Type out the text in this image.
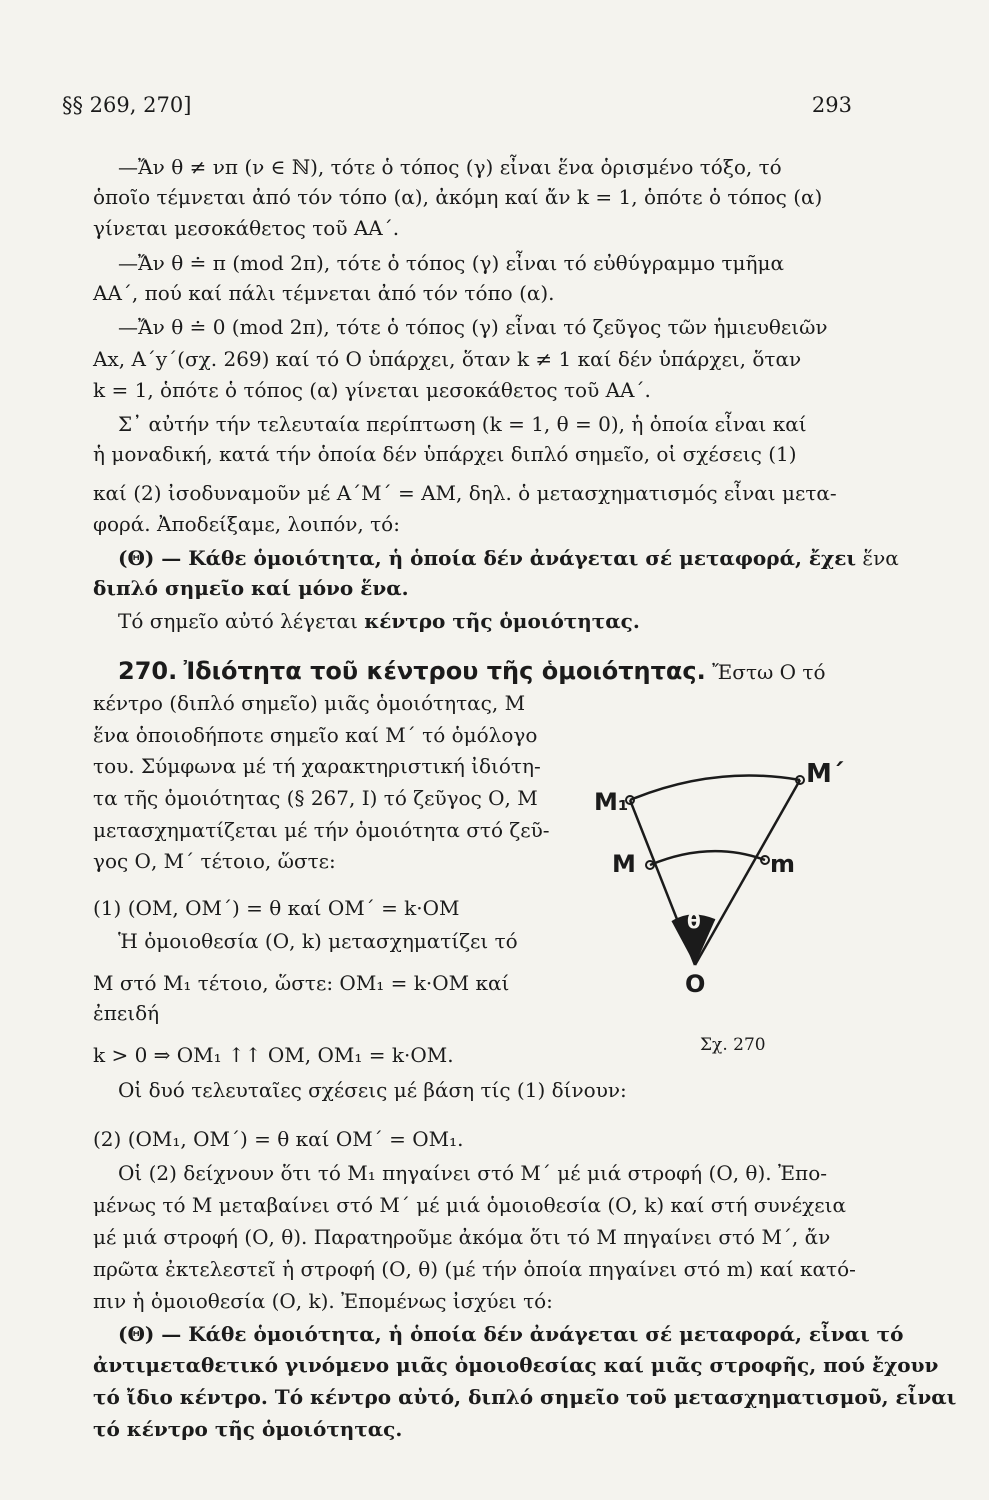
§§ 269, 270]	293
—Ἄν θ ≠ νπ (ν ∈ ℕ), τότε ὁ τόπος (γ) εἶναι ἕνα ὁρισμένο τόξο, τό
ὁποῖο τέμνεται ἀπό τόν τόπο (α), ἀκόμη καί ἄν k = 1, ὁπότε ὁ τόπος (α)
γίνεται μεσοκάθετος τοῦ ΑΑ΄.
—Ἄν θ ≐ π (mod 2π), τότε ὁ τόπος (γ) εἶναι τό εὐθύγραμμο τμῆμα
ΑΑ΄, πού καί πάλι τέμνεται ἀπό τόν τόπο (α).
—Ἄν θ ≐ 0 (mod 2π), τότε ὁ τόπος (γ) εἶναι τό ζεῦγος τῶν ἡμιευθειῶν
Αx, Α΄y΄(σχ. 269) καί τό Ο ὑπάρχει, ὅταν k ≠ 1 καί δέν ὑπάρχει, ὅταν
k = 1, ὁπότε ὁ τόπος (α) γίνεται μεσοκάθετος τοῦ ΑΑ΄.
Σ᾿ αὐτήν τήν τελευταία περίπτωση (k = 1, θ = 0), ἡ ὁποία εἶναι καί
ἡ μοναδική, κατά τήν ὁποία δέν ὑπάρχει διπλό σημεῖο, οἱ σχέσεις (1)
καί (2) ἰσοδυναμοῦν μέ Α΄Μ΄ = ΑΜ, δηλ. ὁ μετασχηματισμός εἶναι μετα-
φορά. Ἀποδείξαμε, λοιπόν, τό:
(Θ) — Κάθε ὁμοιότητα, ἡ ὁποία δέν ἀνάγεται σέ μεταφορά, ἔχει ἕνα
διπλό σημεῖο καί μόνο ἕνα.
Τό σημεῖο αὐτό λέγεται κέντρο τῆς ὁμοιότητας.
270. Ἰδιότητα τοῦ κέντρου τῆς ὁμοιότητας. Ἔστω Ο τό
κέντρο (διπλό σημεῖο) μιᾶς ὁμοιότητας, Μ
ἕνα ὁποιοδήποτε σημεῖο καί Μ΄ τό ὁμόλογο
του. Σύμφωνα μέ τή χαρακτηριστική ἰδιότη-
τα τῆς ὁμοιότητας (§ 267, Ι) τό ζεῦγος Ο, Μ
μετασχηματίζεται μέ τήν ὁμοιότητα στό ζεῦ-
γος Ο, Μ΄ τέτοιο, ὥστε:
(1) (ΟΜ, ΟΜ΄) = θ καί ΟΜ΄ = k·ΟΜ
Ἡ ὁμοιοθεσία (Ο, k) μετασχηματίζει τό
Μ στό Μ₁ τέτοιο, ὥστε: ΟΜ₁ = k·ΟΜ καί
ἐπειδή
k > 0 ⇒ ΟΜ₁ ↑↑ ΟΜ, ΟΜ₁ = k·ΟΜ.
Οἱ δυό τελευταῖες σχέσεις μέ βάση τίς (1) δίνουν:
(2) (ΟΜ₁, ΟΜ΄) = θ καί ΟΜ΄ = ΟΜ₁.
Οἱ (2) δείχνουν ὅτι τό Μ₁ πηγαίνει στό Μ΄ μέ μιά στροφή (Ο, θ). Ἐπο-
μένως τό Μ μεταβαίνει στό Μ΄ μέ μιά ὁμοιοθεσία (Ο, k) καί στή συνέχεια
μέ μιά στροφή (Ο, θ). Παρατηροῦμε ἀκόμα ὅτι τό Μ πηγαίνει στό Μ΄, ἄν
πρῶτα ἐκτελεστεῖ ἡ στροφή (Ο, θ) (μέ τήν ὁποία πηγαίνει στό m) καί κατό-
πιν ἡ ὁμοιοθεσία (Ο, k). Ἐπομένως ἰσχύει τό:
(Θ) — Κάθε ὁμοιότητα, ἡ ὁποία δέν ἀνάγεται σέ μεταφορά, εἶναι τό
ἀντιμεταθετικό γινόμενο μιᾶς ὁμοιοθεσίας καί μιᾶς στροφῆς, πού ἔχουν
τό ἴδιο κέντρο. Τό κέντρο αὐτό, διπλό σημεῖο τοῦ μετασχηματισμοῦ, εἶναι
τό κέντρο τῆς ὁμοιότητας.
M₁
M΄
M	m
θ
O
Σχ. 270
